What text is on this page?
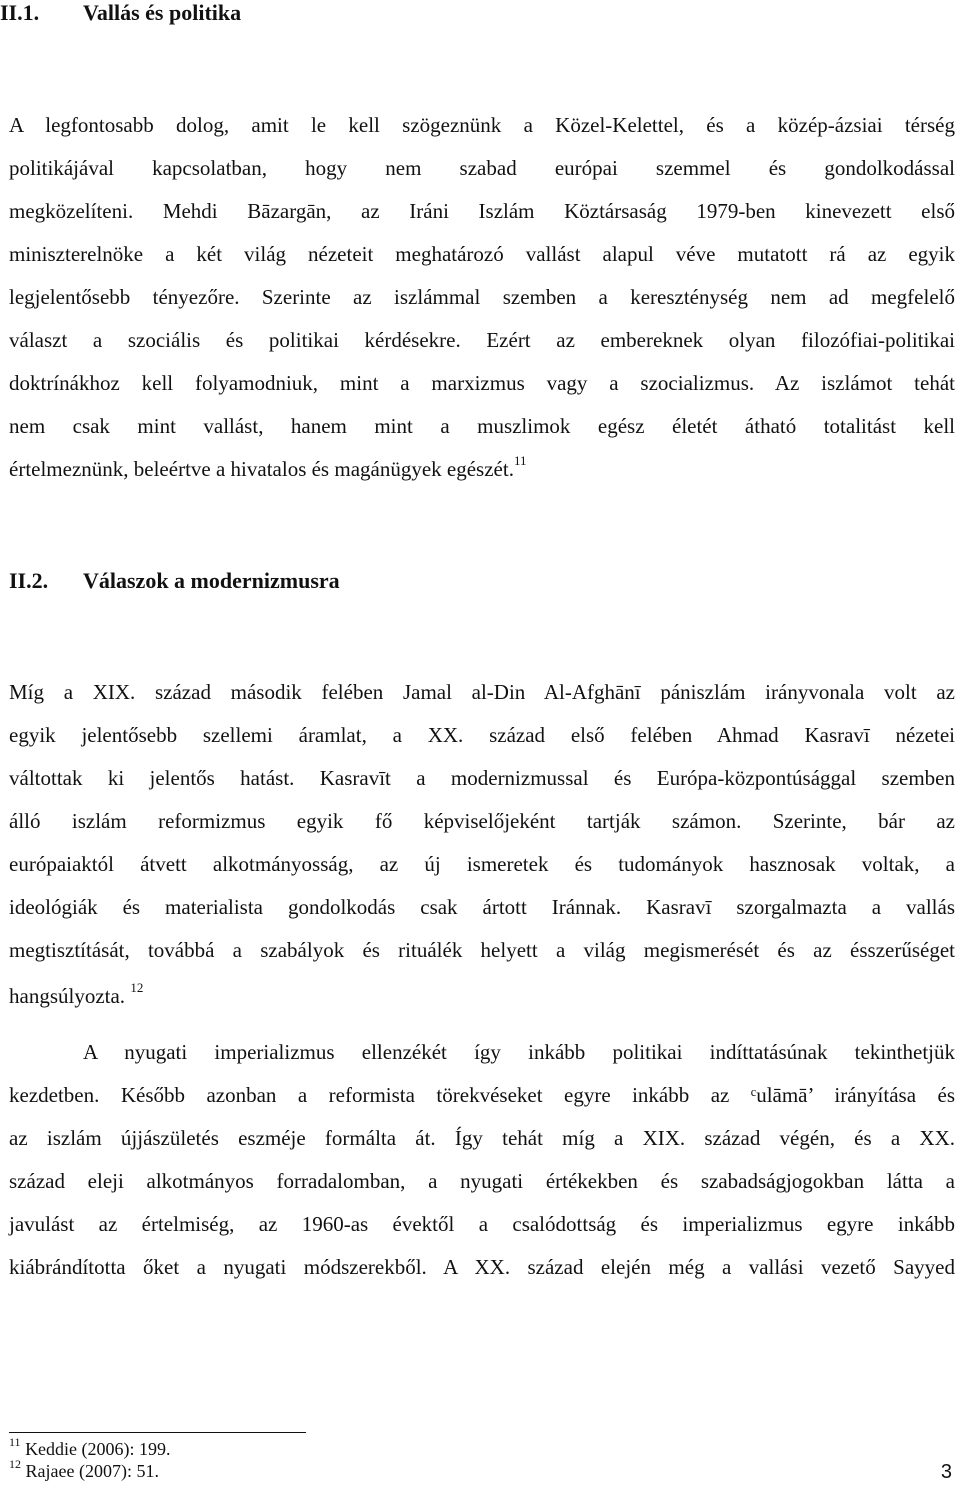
II.1. Vallás és politika
A legfontosabb dolog, amit le kell szögeznünk a Közel-Kelettel, és a közép-ázsiai térség
politikájával kapcsolatban, hogy nem szabad európai szemmel és gondolkodással
megközelíteni. Mehdi Bāzargān, az Iráni Iszlám Köztársaság 1979-ben kinevezett első
miniszterelnöke a két világ nézeteit meghatározó vallást alapul véve mutatott rá az egyik
legjelentősebb tényezőre. Szerinte az iszlámmal szemben a kereszténység nem ad megfelelő
választ a szociális és politikai kérdésekre. Ezért az embereknek olyan filozófiai-politikai
doktrínákhoz kell folyamodniuk, mint a marxizmus vagy a szocializmus. Az iszlámot tehát
nem csak mint vallást, hanem mint a muszlimok egész életét átható totalitást kell
értelmeznünk, beleértve a hivatalos és magánügyek egészét.$^{11}$
II.2. Válaszok a modernizmusra
Míg a XIX. század második felében Jamal al-Din Al-Afghānī pániszlám irányvonala volt az
egyik jelentősebb szellemi áramlat, a XX. század első felében Ahmad Kasravī nézetei
váltottak ki jelentős hatást. Kasravīt a modernizmussal és Európa-központúsággal szemben
álló iszlám reformizmus egyik fő képviselőjeként tartják számon. Szerinte, bár az
európaiaktól átvett alkotmányosság, az új ismeretek és tudományok hasznosak voltak, a
ideológiák és materialista gondolkodás csak ártott Iránnak. Kasravī szorgalmazta a vallás
megtisztítását, továbbá a szabályok és rituálék helyett a világ megismerését és az ésszerűséget
hangsúlyozta. $^{12}$
A nyugati imperializmus ellenzékét így inkább politikai indíttatásúnak tekinthetjük
kezdetben. Később azonban a reformista törekvéseket egyre inkább az ᶜulāmā’ irányítása és
az iszlám újjászületés eszméje formálta át. Így tehát míg a XIX. század végén, és a XX.
század eleji alkotmányos forradalomban, a nyugati értékekben és szabadságjogokban látta a
javulást az értelmiség, az 1960-as évektől a csalódottság és imperializmus egyre inkább
kiábrándította őket a nyugati módszerekből. A XX. század elején még a vallási vezető Sayyed
$^{11}$ Keddie (2006): 199.
$^{12}$ Rajaee (2007): 51.	3
